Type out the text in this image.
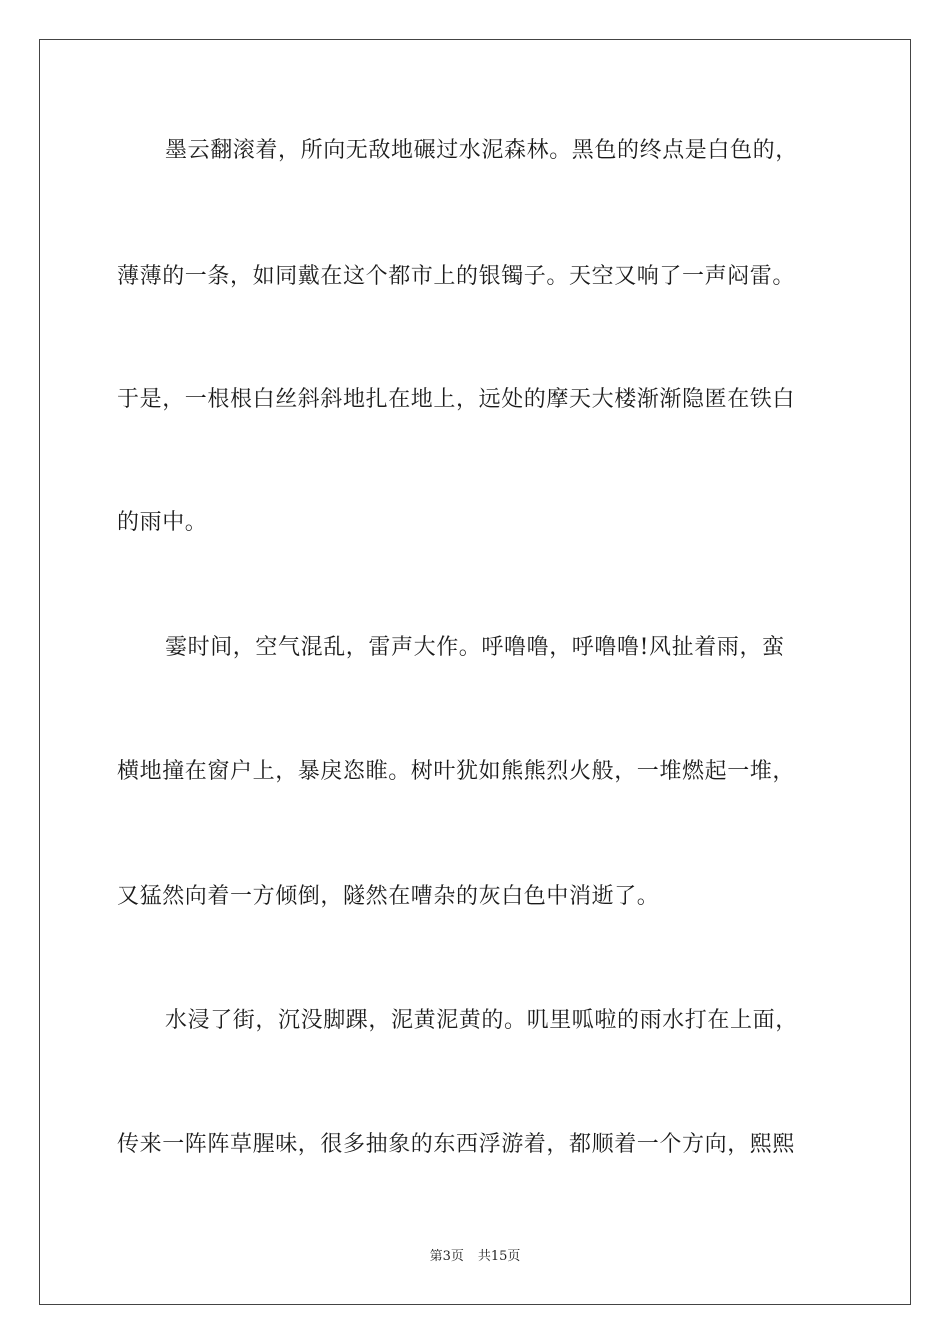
墨云翻滚着，所向无敌地碾过水泥森林。黑色的终点是白色的，
薄薄的一条，如同戴在这个都市上的银镯子。天空又响了一声闷雷。
于是，一根根白丝斜斜地扎在地上，远处的摩天大楼渐渐隐匿在铁白
的雨中。
霎时间，空气混乱，雷声大作。呼噜噜，呼噜噜!风扯着雨，蛮
横地撞在窗户上，暴戾恣睢。树叶犹如熊熊烈火般，一堆燃起一堆，
又猛然向着一方倾倒，隧然在嘈杂的灰白色中消逝了。
水浸了街，沉没脚踝，泥黄泥黄的。叽里呱啦的雨水打在上面，
传来一阵阵草腥味，很多抽象的东西浮游着，都顺着一个方向，熙熙
第3页 共15页
